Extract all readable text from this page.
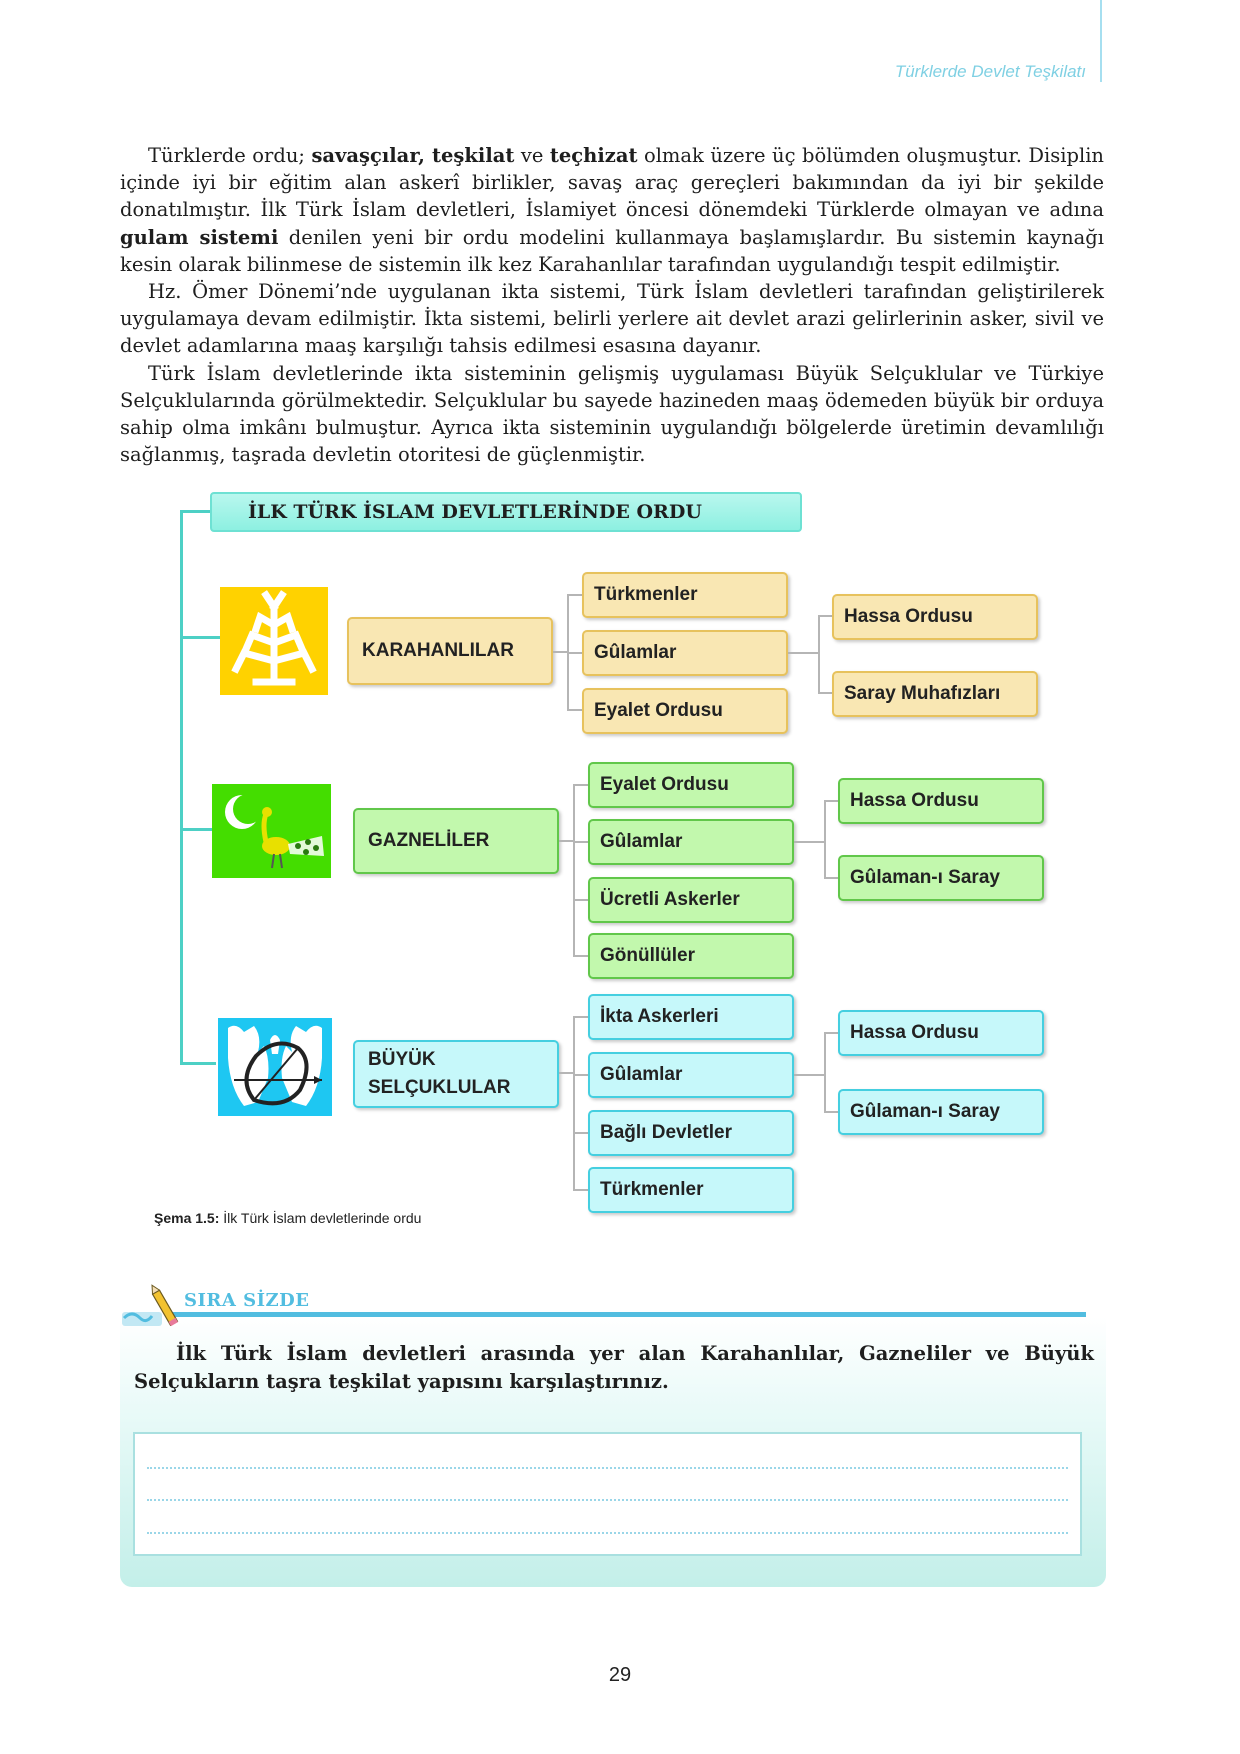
Türklerde Devlet Teşkilatı

Türklerde ordu; savaşçılar, teşkilat ve teçhizat olmak üzere üç bölümden oluşmuştur. Disiplin içinde iyi bir eğitim alan askerî birlikler, savaş araç gereçleri bakımından da iyi bir şekilde donatılmıştır. İlk Türk İslam devletleri, İslamiyet öncesi dönemdeki Türklerde olmayan ve adına gulam sistemi denilen yeni bir ordu modelini kullanmaya başlamışlardır. Bu sistemin kaynağı kesin olarak bilinmese de sistemin ilk kez Karahanlılar tarafından uygulandığı tespit edilmiştir.

Hz. Ömer Dönemi’nde uygulanan ikta sistemi, Türk İslam devletleri tarafından geliştirilerek uygulamaya devam edilmiştir. İkta sistemi, belirli yerlere ait devlet arazi gelirlerinin asker, sivil ve devlet adamlarına maaş karşılığı tahsis edilmesi esasına dayanır.

Türk İslam devletlerinde ikta sisteminin gelişmiş uygulaması Büyük Selçuklular ve Türkiye Selçuklularında görülmektedir. Selçuklular bu sayede hazineden maaş ödemeden büyük bir orduya sahip olma imkânı bulmuştur. Ayrıca ikta sisteminin uygulandığı bölgelerde üretimin devamlılığı sağlanmış, taşrada devletin otoritesi de güçlenmiştir.

İLK TÜRK İSLAM DEVLETLERİNDE ORDU
KARAHANLILAR
Türkmenler
Gûlamlar
Eyalet Ordusu
Hassa Ordusu
Saray Muhafızları
GAZNELİLER
Eyalet Ordusu
Gûlamlar
Ücretli Askerler
Gönüllüler
Hassa Ordusu
Gûlaman-ı Saray
BÜYÜK
SELÇUKLULAR
İkta Askerleri
Gûlamlar
Bağlı Devletler
Türkmenler
Hassa Ordusu
Gûlaman-ı Saray
Şema 1.5: İlk Türk İslam devletlerinde ordu
SIRA SİZDE

İlk Türk İslam devletleri arasında yer alan Karahanlılar, Gazneliler ve Büyük Selçukların taşra teşkilat yapısını karşılaştırınız.

29
